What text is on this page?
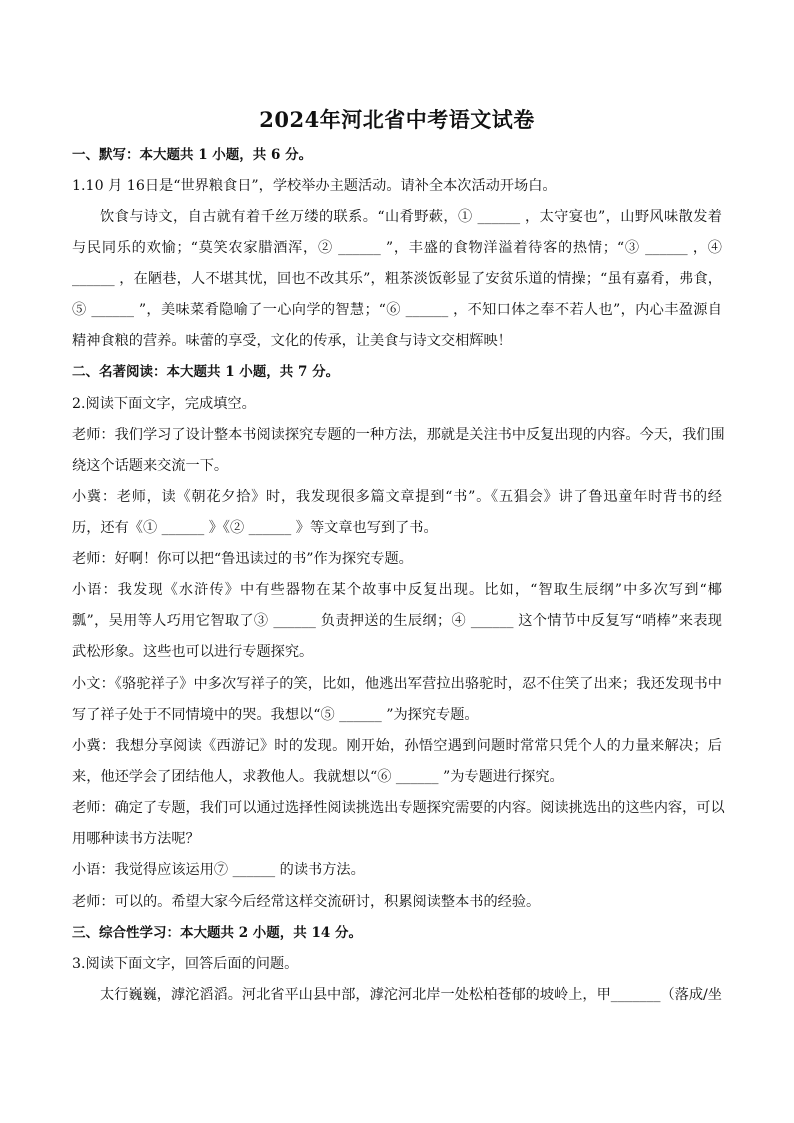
2024年河北省中考语文试卷
一、默写：本大题共 1 小题，共 6 分。
1.10 月 16日是“世界粮食日”，学校举办主题活动。请补全本次活动开场白。
饮食与诗文，自古就有着千丝万缕的联系。“山肴野蔌，① ______ ，太守宴也”，山野风味散发着
与民同乐的欢愉；“莫笑农家腊酒浑，② ______ ”，丰盛的食物洋溢着待客的热情；“③ ______ ，④
______ ，在陋巷，人不堪其忧，回也不改其乐”，粗茶淡饭彰显了安贫乐道的情操；“虽有嘉肴，弗食，
⑤ ______ ”，美味菜肴隐喻了一心向学的智慧；“⑥ ______ ，不知口体之奉不若人也”，内心丰盈源自
精神食粮的营养。味蕾的享受，文化的传承，让美食与诗文交相辉映！
二、名著阅读：本大题共 1 小题，共 7 分。
2.阅读下面文字，完成填空。
老师：我们学习了设计整本书阅读探究专题的一种方法，那就是关注书中反复出现的内容。今天，我们围
绕这个话题来交流一下。
小冀：老师，读《朝花夕拾》时，我发现很多篇文章提到“书”。《五猖会》讲了鲁迅童年时背书的经
历，还有《① ______ 》《② ______ 》等文章也写到了书。
老师：好啊！你可以把“鲁迅读过的书”作为探究专题。
小语：我发现《水浒传》中有些器物在某个故事中反复出现。比如，“智取生辰纲”中多次写到“椰
瓢”，吴用等人巧用它智取了③ ______ 负责押送的生辰纲；④ ______ 这个情节中反复写“哨棒”来表现
武松形象。这些也可以进行专题探究。
小文：《骆驼祥子》中多次写祥子的笑，比如，他逃出军营拉出骆驼时，忍不住笑了出来；我还发现书中
写了祥子处于不同情境中的哭。我想以“⑤ ______ ”为探究专题。
小冀：我想分享阅读《西游记》时的发现。刚开始，孙悟空遇到问题时常常只凭个人的力量来解决；后
来，他还学会了团结他人，求教他人。我就想以“⑥ ______ ”为专题进行探究。
老师：确定了专题，我们可以通过选择性阅读挑选出专题探究需要的内容。阅读挑选出的这些内容，可以
用哪种读书方法呢？
小语：我觉得应该运用⑦ ______ 的读书方法。
老师：可以的。希望大家今后经常这样交流研讨，积累阅读整本书的经验。
三、综合性学习：本大题共 2 小题，共 14 分。
3.阅读下面文字，回答后面的问题。
太行巍巍，滹沱滔滔。河北省平山县中部，滹沱河北岸一处松柏苍郁的坡岭上，甲_______（落成/坐
